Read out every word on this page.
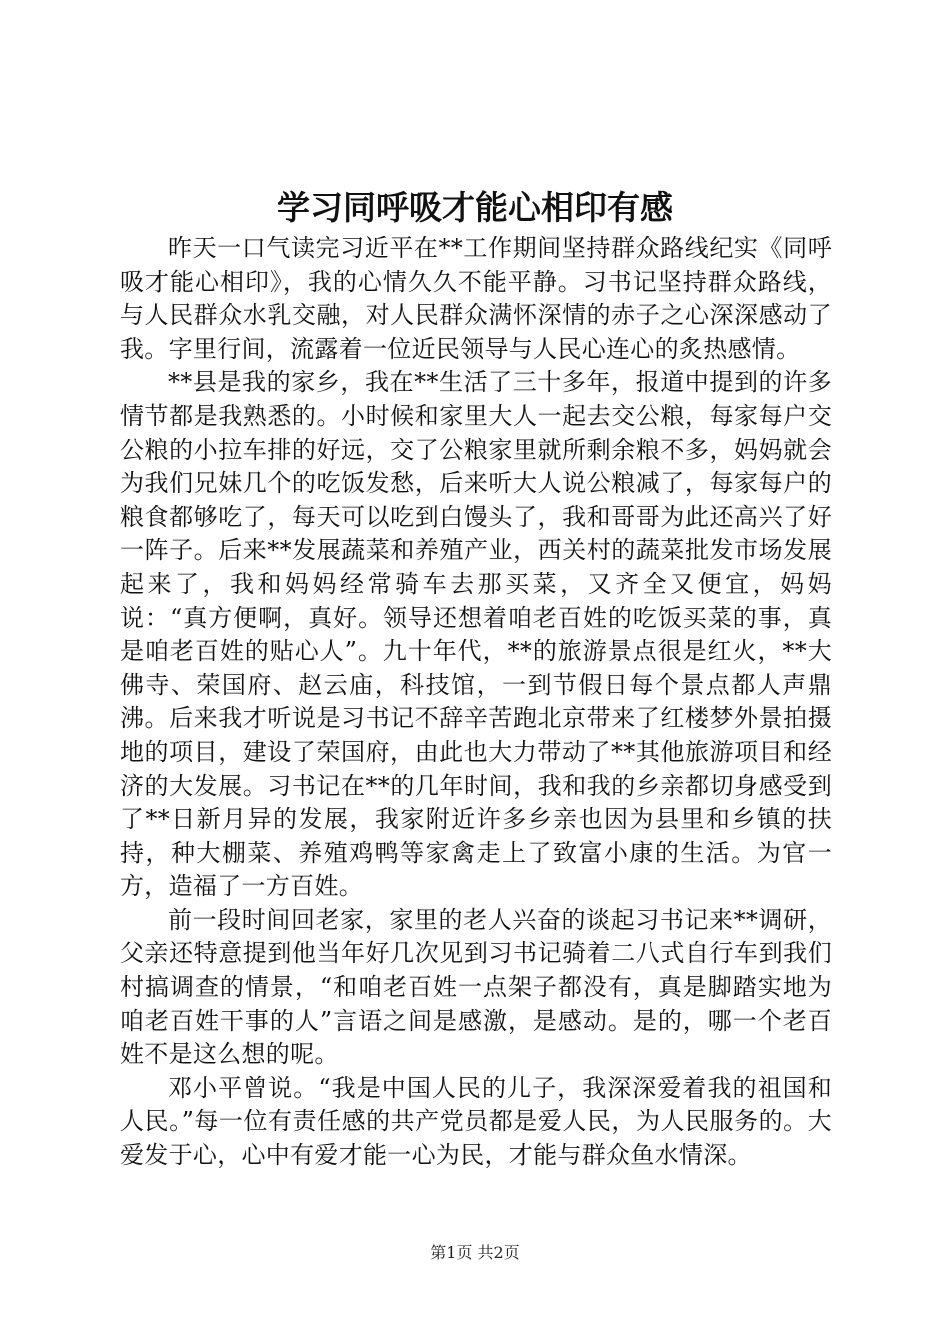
学习同呼吸才能心相印有感

昨天一口气读完习近平在**工作期间坚持群众路线纪实《同呼吸才能心相印》，我的心情久久不能平静。习书记坚持群众路线，与人民群众水乳交融，对人民群众满怀深情的赤子之心深深感动了我。字里行间，流露着一位近民领导与人民心连心的炙热感情。

**县是我的家乡，我在**生活了三十多年，报道中提到的许多情节都是我熟悉的。小时候和家里大人一起去交公粮，每家每户交公粮的小拉车排的好远，交了公粮家里就所剩余粮不多，妈妈就会为我们兄妹几个的吃饭发愁，后来听大人说公粮减了，每家每户的粮食都够吃了，每天可以吃到白馒头了，我和哥哥为此还高兴了好一阵子。后来**发展蔬菜和养殖产业，西关村的蔬菜批发市场发展起来了，我和妈妈经常骑车去那买菜，又齐全又便宜，妈妈说：“真方便啊，真好。领导还想着咱老百姓的吃饭买菜的事，真是咱老百姓的贴心人”。九十年代，**的旅游景点很是红火，**大佛寺、荣国府、赵云庙，科技馆，一到节假日每个景点都人声鼎沸。后来我才听说是习书记不辞辛苦跑北京带来了红楼梦外景拍摄地的项目，建设了荣国府，由此也大力带动了**其他旅游项目和经济的大发展。习书记在**的几年时间，我和我的乡亲都切身感受到了**日新月异的发展，我家附近许多乡亲也因为县里和乡镇的扶持，种大棚菜、养殖鸡鸭等家禽走上了致富小康的生活。为官一方，造福了一方百姓。

前一段时间回老家，家里的老人兴奋的谈起习书记来**调研，父亲还特意提到他当年好几次见到习书记骑着二八式自行车到我们村搞调查的情景，“和咱老百姓一点架子都没有，真是脚踏实地为咱老百姓干事的人”言语之间是感激，是感动。是的，哪一个老百姓不是这么想的呢。

邓小平曾说。“我是中国人民的儿子，我深深爱着我的祖国和人民。”每一位有责任感的共产党员都是爱人民，为人民服务的。大爱发于心，心中有爱才能一心为民，才能与群众鱼水情深。

第1页 共2页
